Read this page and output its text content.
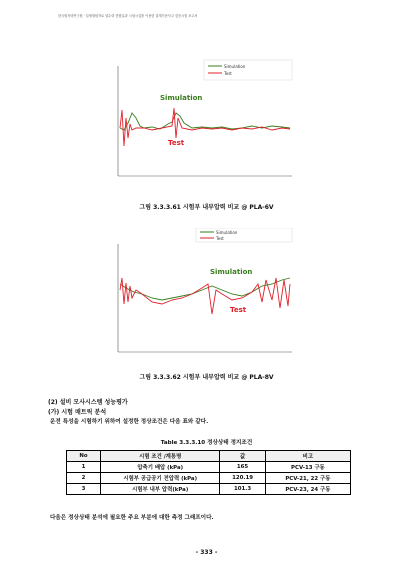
한국원자력연구원 · 일체형원자로 열수력 종합효과 시험시설을 이용한 설계기준사고 검증시험 보고서
Simulation
Test
Simulation
Test
그림 3.3.3.61 시험부 내부압력 비교 @ PLA-6V
Simulation
Test
Simulation
Test
그림 3.3.3.62 시험부 내부압력 비교 @ PLA-8V
(2) 설비 모사시스템 성능평가
(가) 시험 매트릭 분석
운전 특성을 시험하기 위하여 설정한 정상조건은 다음 표와 같다.
Table 3.3.3.10 정상상태 정지조건
No	시험 조건 /계통명	값	비고
1	압축기 배압 (kPa)	165	PCV-13 구동
2	시험부 공급공기 전압력 (kPa)	120.19	PCV-21, 22 구동
3	시험부 내부 압력(kPa)	101.3	PCV-23, 24 구동
다음은 정상상태 분석에 필요한 주요 부분에 대한 측정 그래프이다.
- 333 -
